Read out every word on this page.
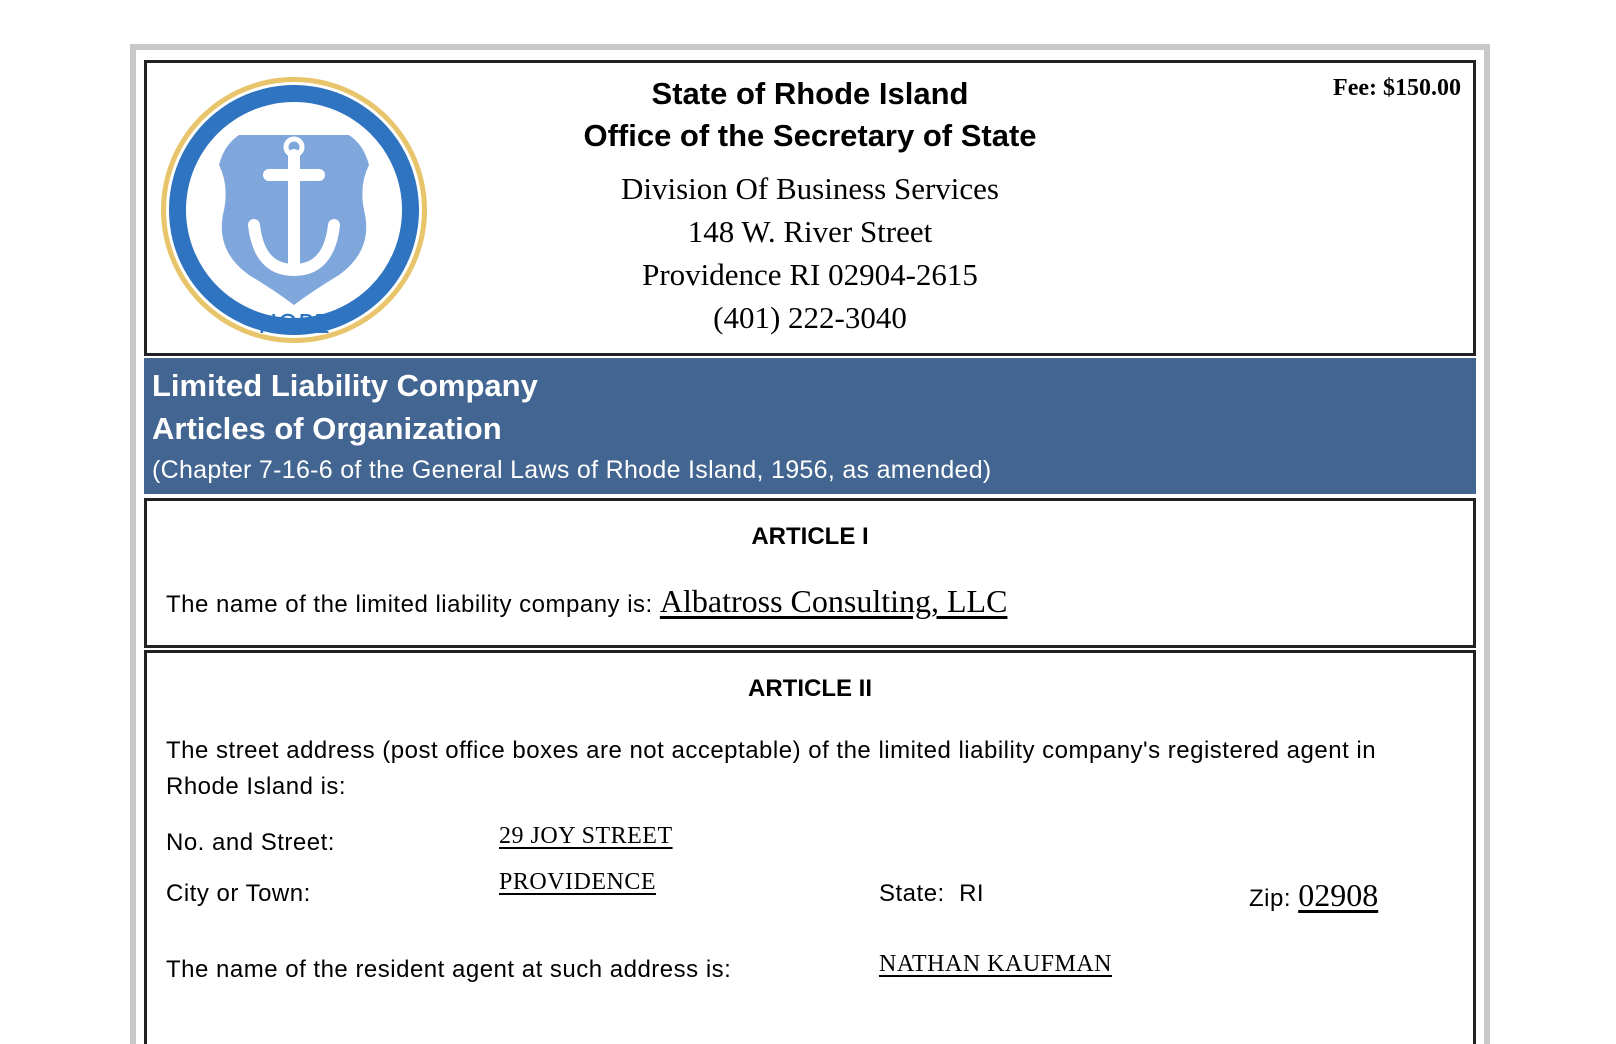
HOPE
Fee: $150.00
State of Rhode Island
Office of the Secretary of State
Division Of Business Services
148 W. River Street
Providence RI 02904-2615
(401) 222-3040
Limited Liability Company
Articles of Organization
(Chapter 7-16-6 of the General Laws of Rhode Island, 1956, as amended)
ARTICLE I
The name of the limited liability company is: Albatross Consulting, LLC
ARTICLE II
The street address (post office boxes are not acceptable) of the limited liability company's registered agent in Rhode Island is:
No. and Street:	29 JOY STREET
City or Town:	PROVIDENCE	State: RI	Zip: 02908
The name of the resident agent at such address is:	NATHAN KAUFMAN
